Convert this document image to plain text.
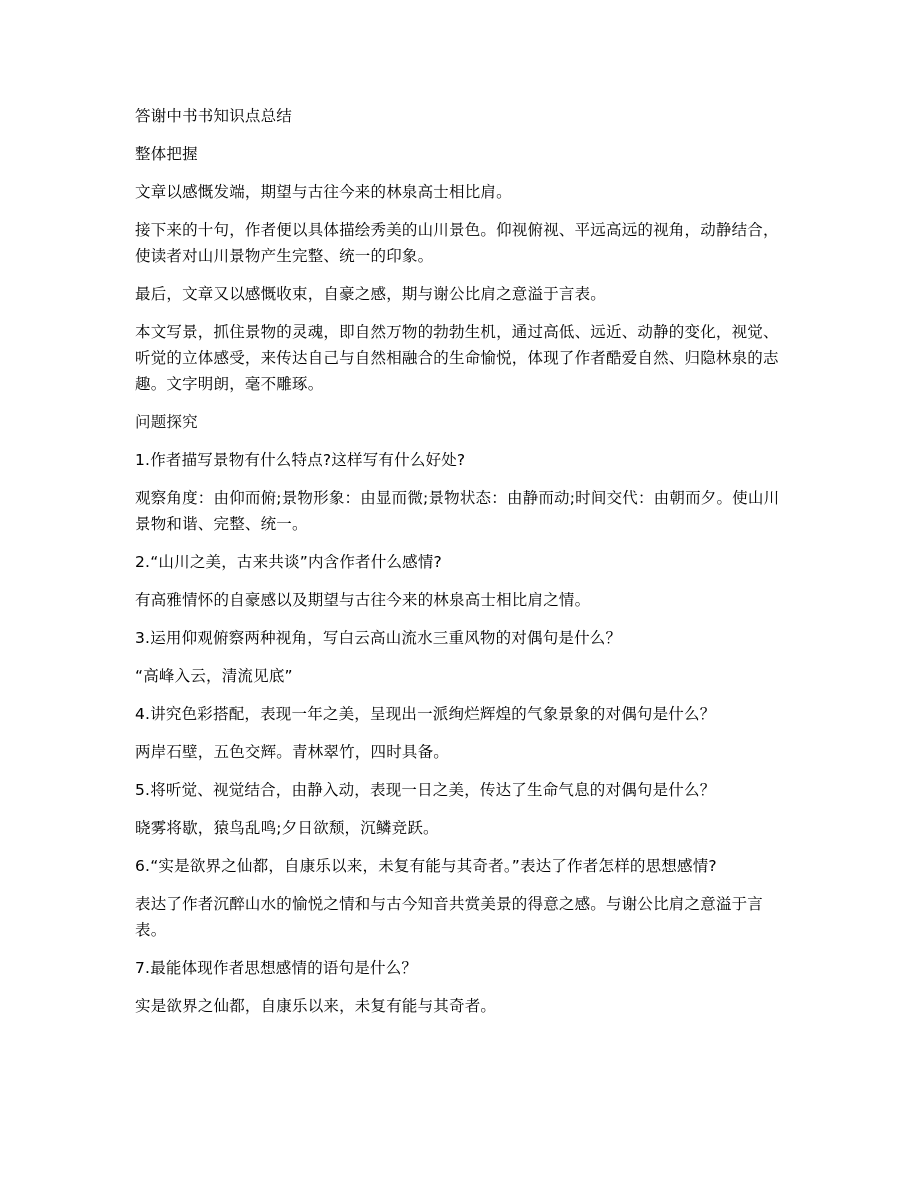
答谢中书书知识点总结

整体把握

文章以感慨发端，期望与古往今来的林泉高士相比肩。

接下来的十句，作者便以具体描绘秀美的山川景色。仰视俯视、平远高远的视角，动静结合，使读者对山川景物产生完整、统一的印象。

最后，文章又以感慨收束，自豪之感，期与谢公比肩之意溢于言表。

本文写景，抓住景物的灵魂，即自然万物的勃勃生机，通过高低、远近、动静的变化，视觉、听觉的立体感受，来传达自己与自然相融合的生命愉悦，体现了作者酷爱自然、归隐林泉的志趣。文字明朗，毫不雕琢。

问题探究

1.作者描写景物有什么特点?这样写有什么好处?

观察角度：由仰而俯;景物形象：由显而微;景物状态：由静而动;时间交代：由朝而夕。使山川景物和谐、完整、统一。

2.“山川之美，古来共谈”内含作者什么感情?

有高雅情怀的自豪感以及期望与古往今来的林泉高士相比肩之情。

3.运用仰观俯察两种视角，写白云高山流水三重风物的对偶句是什么？

“高峰入云，清流见底”

4.讲究色彩搭配，表现一年之美，呈现出一派绚烂辉煌的气象景象的对偶句是什么？

两岸石壁，五色交辉。青林翠竹，四时具备。

5.将听觉、视觉结合，由静入动，表现一日之美，传达了生命气息的对偶句是什么？

晓雾将歇，猿鸟乱鸣;夕日欲颓，沉鳞竞跃。

6.“实是欲界之仙都，自康乐以来，未复有能与其奇者。”表达了作者怎样的思想感情?

表达了作者沉醉山水的愉悦之情和与古今知音共赏美景的得意之感。与谢公比肩之意溢于言表。

7.最能体现作者思想感情的语句是什么？

实是欲界之仙都，自康乐以来，未复有能与其奇者。
